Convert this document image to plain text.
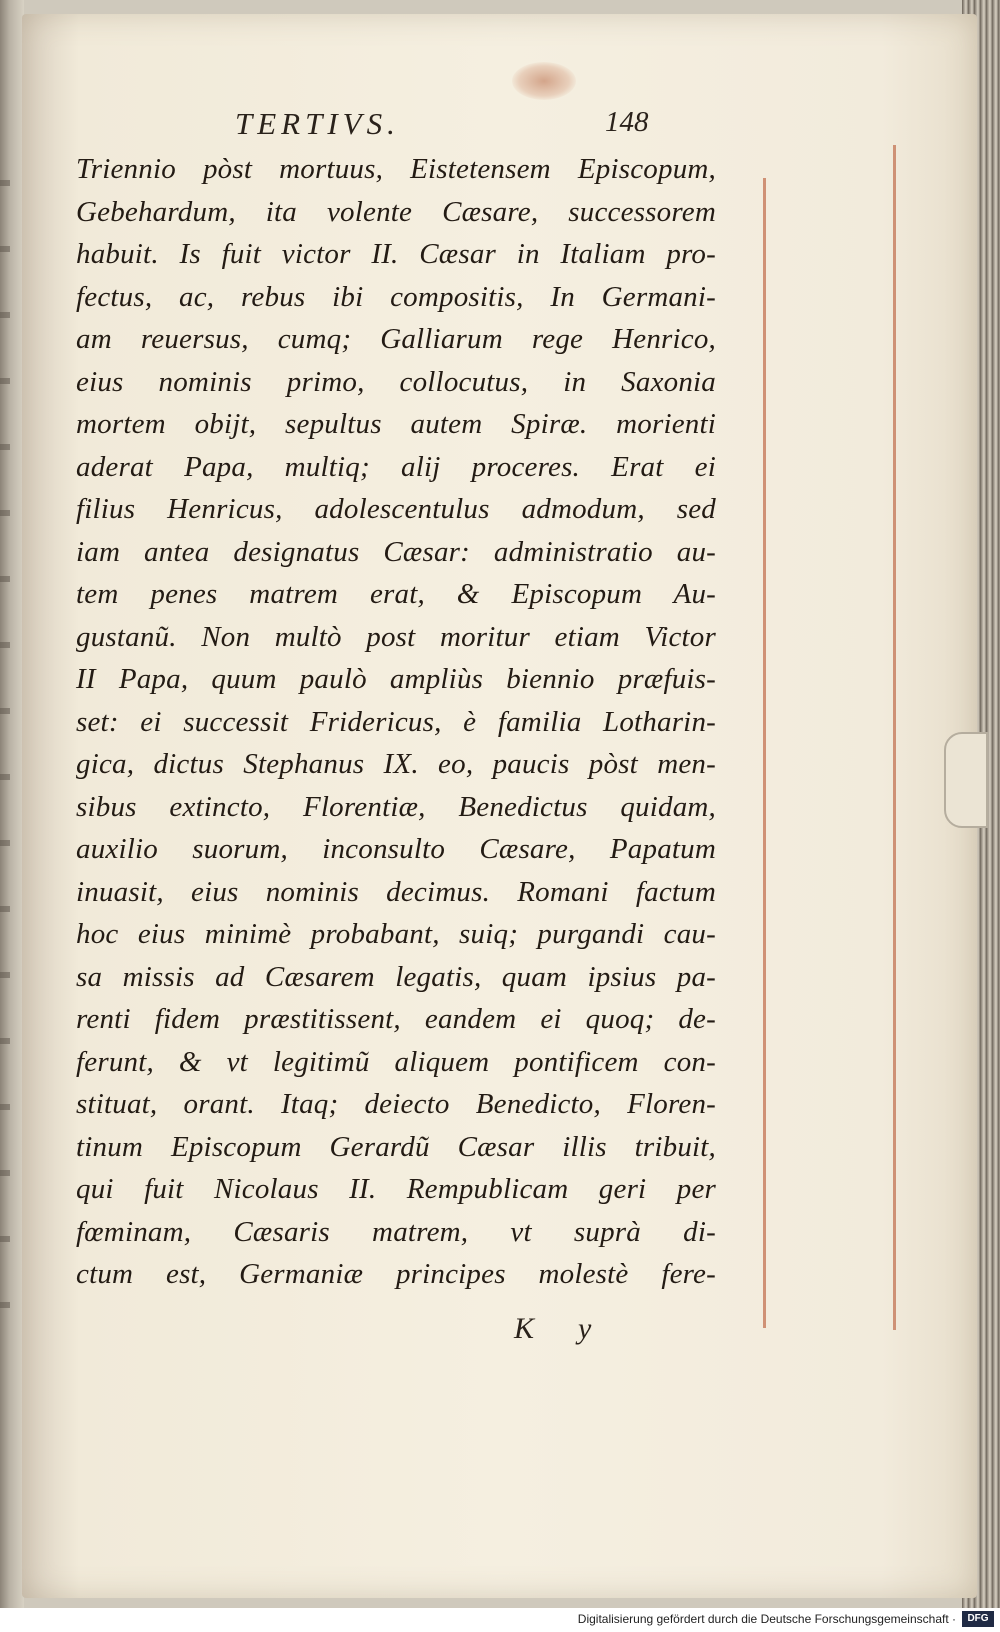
TERTIVS.	148
Triennio pòst mortuus, Eistetensem Episcopum,
Gebehardum, ita volente Cæsare, successorem
habuit. Is fuit victor II. Cæsar in Italiam pro-
fectus, ac, rebus ibi compositis, In Germani-
am reuersus, cumq; Galliarum rege Henrico,
eius nominis primo, collocutus, in Saxonia
mortem obijt, sepultus autem Spiræ. morienti
aderat Papa, multiq; alij proceres. Erat ei
filius Henricus, adolescentulus admodum, sed
iam antea designatus Cæsar: administratio au-
tem penes matrem erat, & Episcopum Au-
gustanũ. Non multò post moritur etiam Victor
II Papa, quum paulò ampliùs biennio præfuis-
set: ei successit Fridericus, è familia Lotharin-
gica, dictus Stephanus IX. eo, paucis pòst men-
sibus extincto, Florentiæ, Benedictus quidam,
auxilio suorum, inconsulto Cæsare, Papatum
inuasit, eius nominis decimus. Romani factum
hoc eius minimè probabant, suiq; purgandi cau-
sa missis ad Cæsarem legatis, quam ipsius pa-
renti fidem præstitissent, eandem ei quoq; de-
ferunt, & vt legitimũ aliquem pontificem con-
stituat, orant. Itaq; deiecto Benedicto, Floren-
tinum Episcopum Gerardũ Cæsar illis tribuit,
qui fuit Nicolaus II. Rempublicam geri per
fœminam, Cæsaris matrem, vt suprà di-
ctum est, Germaniæ principes molestè fere-
K y
Digitalisierung gefördert durch die Deutsche Forschungsgemeinschaft ·	DFG
